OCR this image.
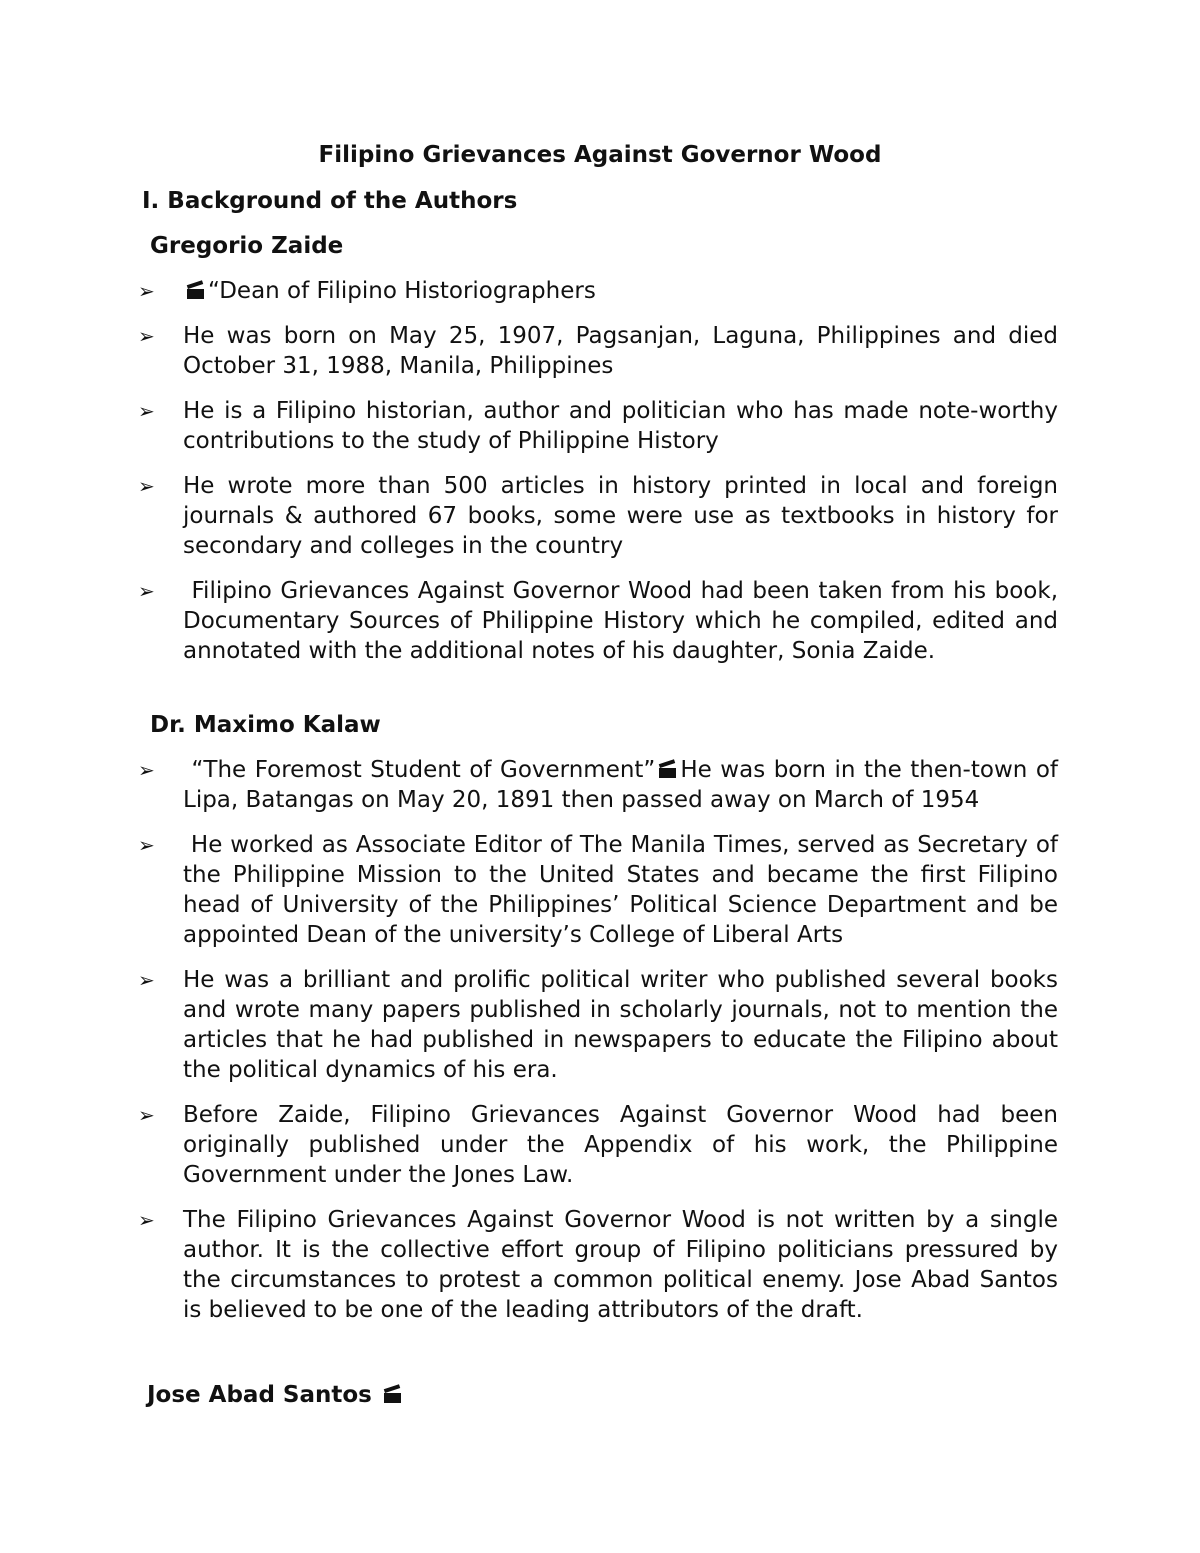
Filipino Grievances Against Governor Wood
I. Background of the Authors
Gregorio Zaide
➢ “Dean of Filipino Historiographers
➢ He was born on May 25, 1907, Pagsanjan, Laguna, Philippines and died October 31, 1988, Manila, Philippines
➢ He is a Filipino historian, author and politician who has made note-worthy contributions to the study of Philippine History
➢ He wrote more than 500 articles in history printed in local and foreign journals & authored 67 books, some were use as textbooks in history for secondary and colleges in the country
➢ Filipino Grievances Against Governor Wood had been taken from his book, Documentary Sources of Philippine History which he compiled, edited and annotated with the additional notes of his daughter, Sonia Zaide.
Dr. Maximo Kalaw
➢ “The Foremost Student of Government” He was born in the then-town of Lipa, Batangas on May 20, 1891 then passed away on March of 1954
➢ He worked as Associate Editor of The Manila Times, served as Secretary of the Philippine Mission to the United States and became the first Filipino head of University of the Philippines’ Political Science Department and be appointed Dean of the university’s College of Liberal Arts
➢ He was a brilliant and prolific political writer who published several books and wrote many papers published in scholarly journals, not to mention the articles that he had published in newspapers to educate the Filipino about the political dynamics of his era.
➢ Before Zaide, Filipino Grievances Against Governor Wood had been originally published under the Appendix of his work, the Philippine Government under the Jones Law.
➢ The Filipino Grievances Against Governor Wood is not written by a single author. It is the collective effort group of Filipino politicians pressured by the circumstances to protest a common political enemy. Jose Abad Santos is believed to be one of the leading attributors of the draft.
Jose Abad Santos
